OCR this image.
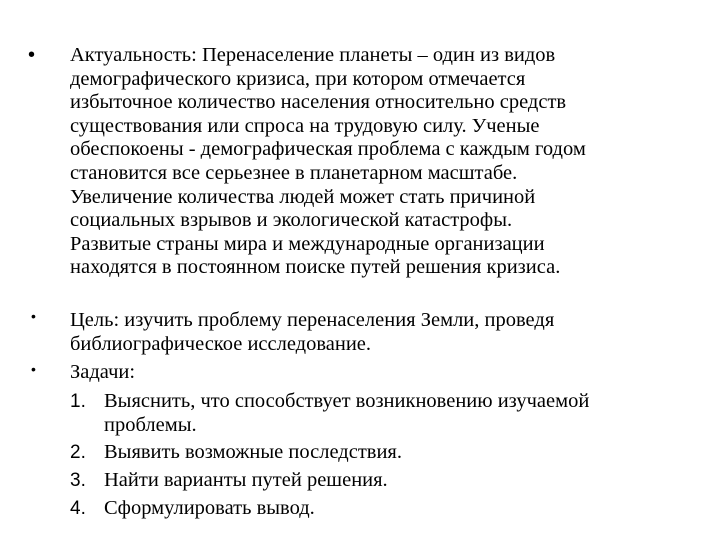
• Актуальность: Перенаселение планеты – один из видов
демографического кризиса, при котором отмечается
избыточное количество населения относительно средств
существования или спроса на трудовую силу. Ученые
обеспокоены - демографическая проблема с каждым годом
становится все серьезнее в планетарном масштабе.
Увеличение количества людей может стать причиной
социальных взрывов и экологической катастрофы.
Развитые страны мира и международные организации
находятся в постоянном поиске путей решения кризиса.
• Цель: изучить проблему перенаселения Земли, проведя
библиографическое исследование.
• Задачи:
1. Выяснить, что способствует возникновению изучаемой
проблемы.
2. Выявить возможные последствия.
3. Найти варианты путей решения.
4. Сформулировать вывод.
